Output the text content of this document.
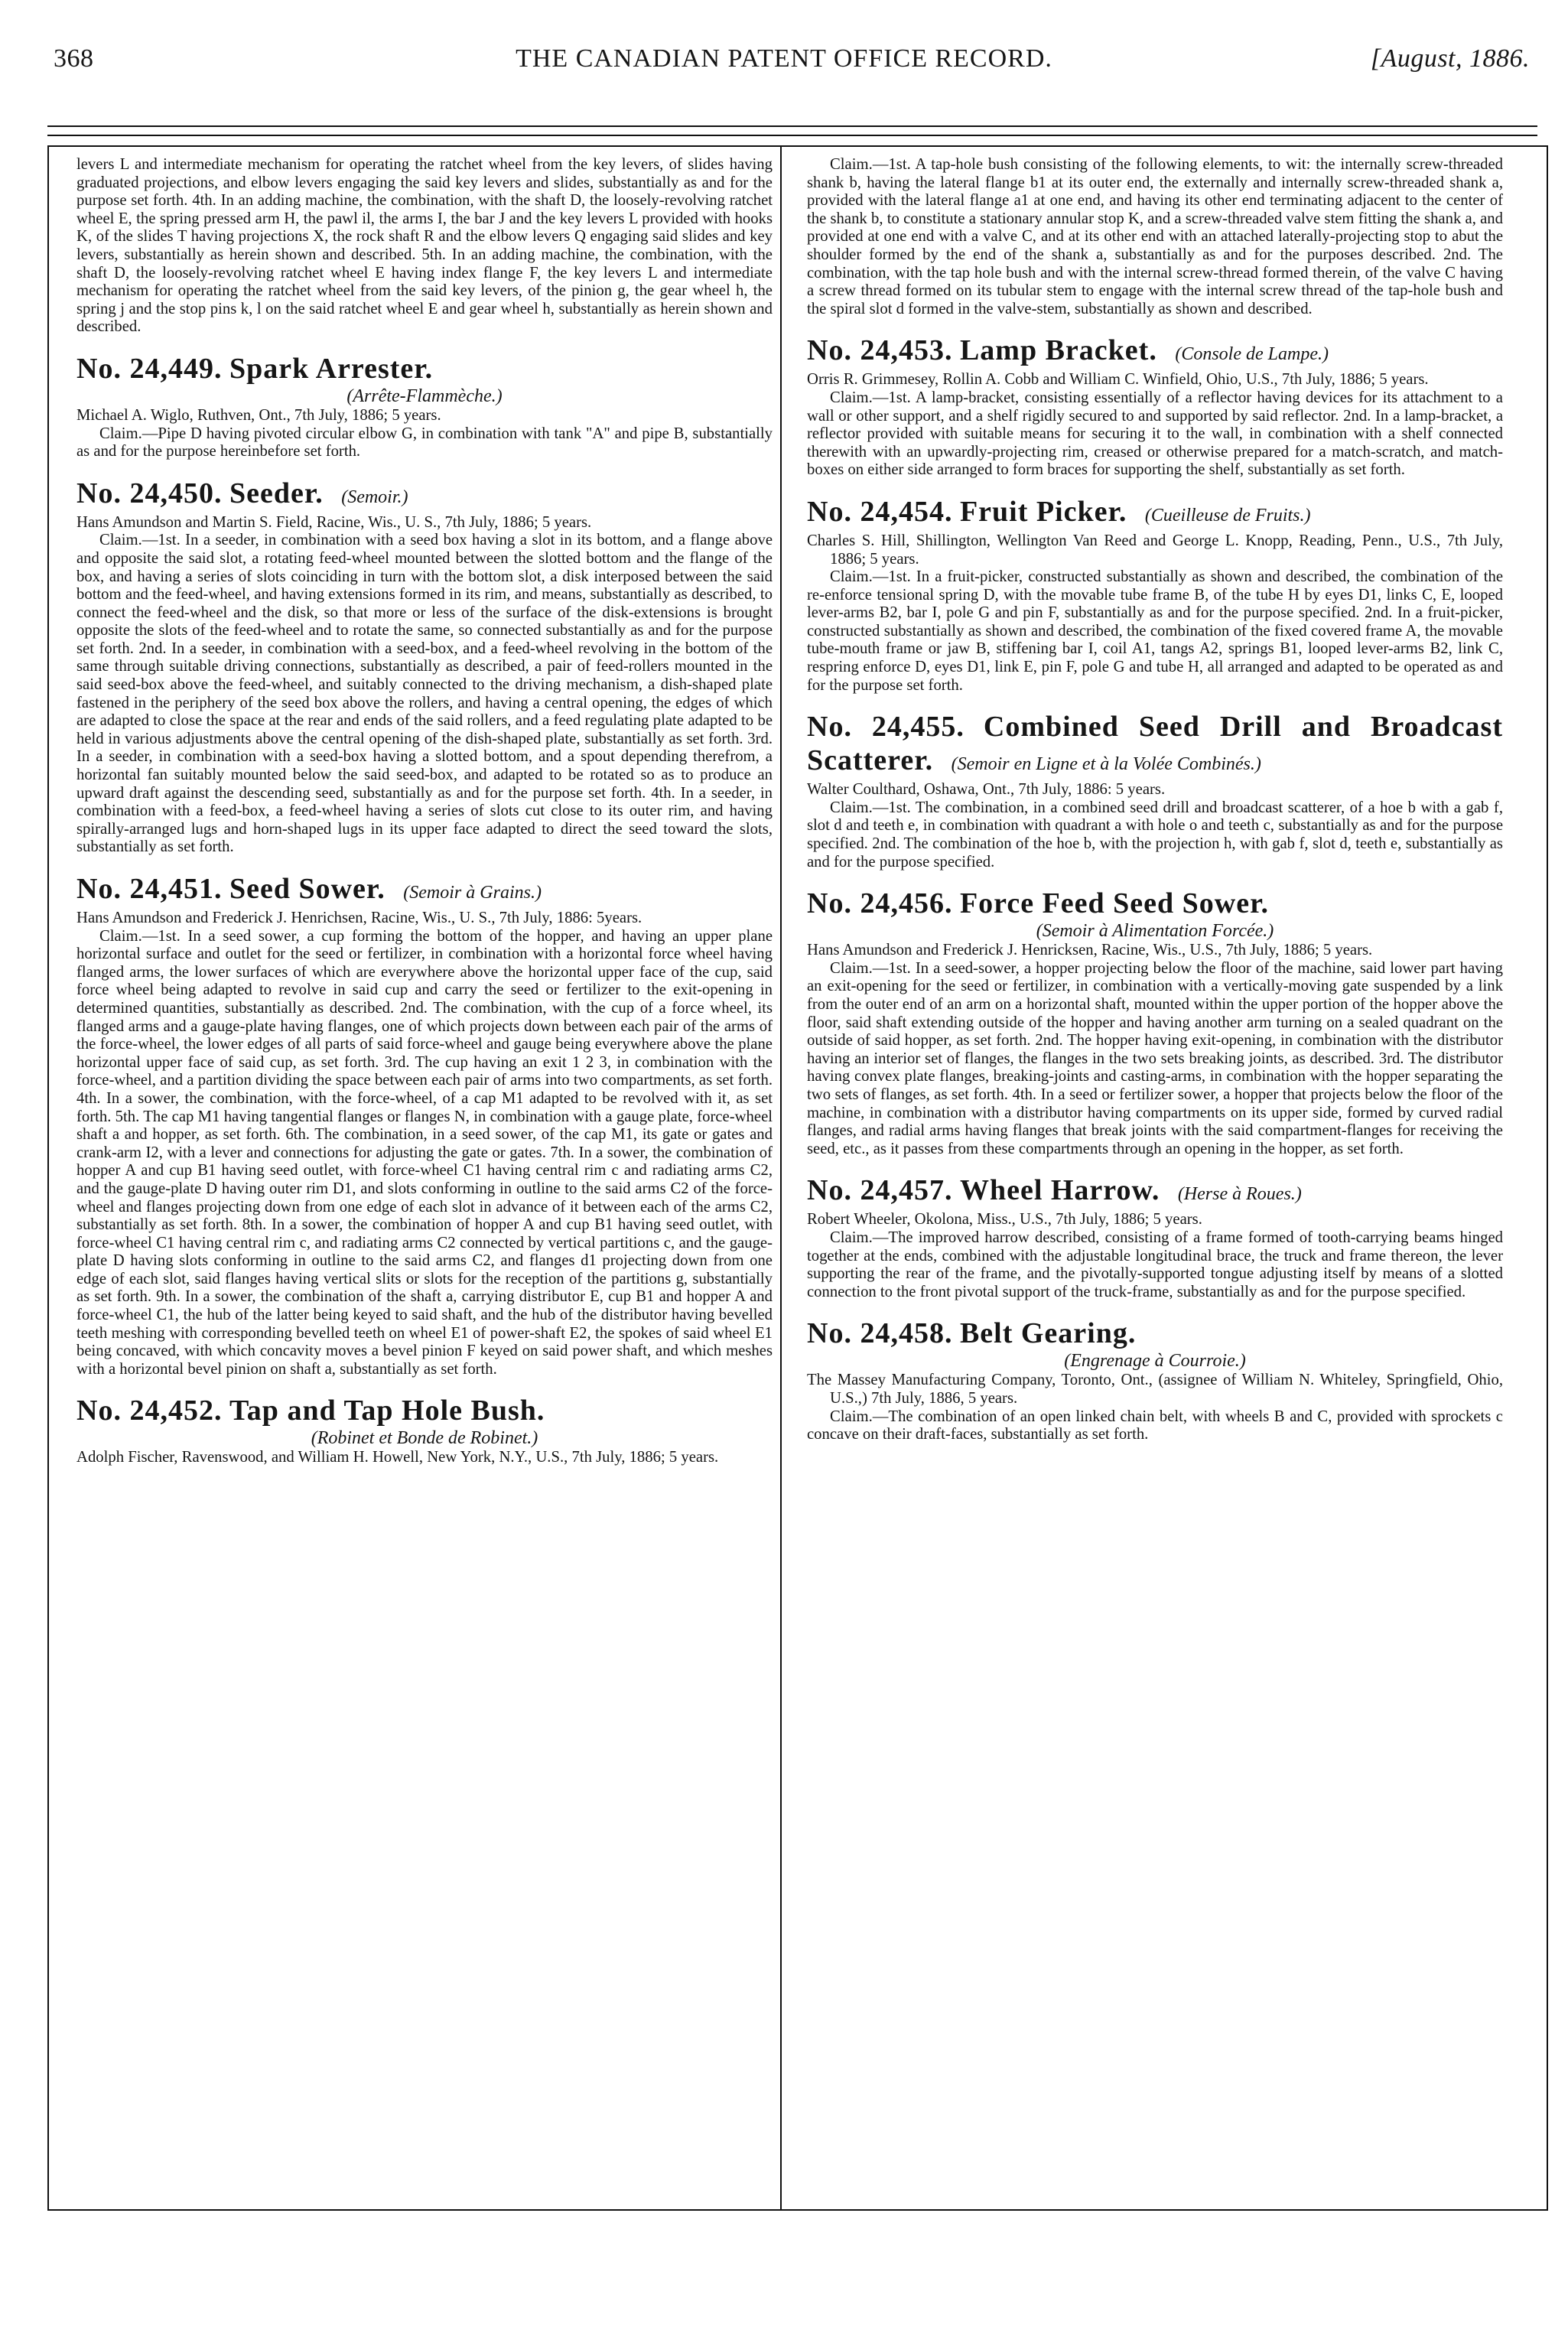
368	THE CANADIAN PATENT OFFICE RECORD.	[August, 1886.

levers L and intermediate mechanism for operating the ratchet wheel from the key levers, of slides having graduated projections, and elbow levers engaging the said key levers and slides, substantially as and for the purpose set forth. 4th. In an adding machine, the combination, with the shaft D, the loosely-revolving ratchet wheel E, the spring pressed arm H, the pawl il, the arms I, the bar J and the key levers L provided with hooks K, of the slides T having projections X, the rock shaft R and the elbow levers Q engaging said slides and key levers, substantially as herein shown and described. 5th. In an adding machine, the combination, with the shaft D, the loosely-revolving ratchet wheel E having index flange F, the key levers L and intermediate mechanism for operating the ratchet wheel from the said key levers, of the pinion g, the gear wheel h, the spring j and the stop pins k, l on the said ratchet wheel E and gear wheel h, substantially as herein shown and described.

No. 24,449. Spark Arrester.
(Arrête-Flammèche.)

Michael A. Wiglo, Ruthven, Ont., 7th July, 1886; 5 years.

Claim.—Pipe D having pivoted circular elbow G, in combination with tank "A" and pipe B, substantially as and for the purpose hereinbefore set forth.

No. 24,450. Seeder. (Semoir.)

Hans Amundson and Martin S. Field, Racine, Wis., U. S., 7th July, 1886; 5 years.

Claim.—1st. In a seeder, in combination with a seed box having a slot in its bottom, and a flange above and opposite the said slot, a rotating feed-wheel mounted between the slotted bottom and the flange of the box, and having a series of slots coinciding in turn with the bottom slot, a disk interposed between the said bottom and the feed-wheel, and having extensions formed in its rim, and means, substantially as described, to connect the feed-wheel and the disk, so that more or less of the surface of the disk-extensions is brought opposite the slots of the feed-wheel and to rotate the same, so connected substantially as and for the purpose set forth. 2nd. In a seeder, in combination with a seed-box, and a feed-wheel revolving in the bottom of the same through suitable driving connections, substantially as described, a pair of feed-rollers mounted in the said seed-box above the feed-wheel, and suitably connected to the driving mechanism, a dish-shaped plate fastened in the periphery of the seed box above the rollers, and having a central opening, the edges of which are adapted to close the space at the rear and ends of the said rollers, and a feed regulating plate adapted to be held in various adjustments above the central opening of the dish-shaped plate, substantially as set forth. 3rd. In a seeder, in combination with a seed-box having a slotted bottom, and a spout depending therefrom, a horizontal fan suitably mounted below the said seed-box, and adapted to be rotated so as to produce an upward draft against the descending seed, substantially as and for the purpose set forth. 4th. In a seeder, in combination with a feed-box, a feed-wheel having a series of slots cut close to its outer rim, and having spirally-arranged lugs and horn-shaped lugs in its upper face adapted to direct the seed toward the slots, substantially as set forth.

No. 24,451. Seed Sower. (Semoir à Grains.)

Hans Amundson and Frederick J. Henrichsen, Racine, Wis., U. S., 7th July, 1886: 5years.

Claim.—1st. In a seed sower, a cup forming the bottom of the hopper, and having an upper plane horizontal surface and outlet for the seed or fertilizer, in combination with a horizontal force wheel having flanged arms, the lower surfaces of which are everywhere above the horizontal upper face of the cup, said force wheel being adapted to revolve in said cup and carry the seed or fertilizer to the exit-opening in determined quantities, substantially as described. 2nd. The combination, with the cup of a force wheel, its flanged arms and a gauge-plate having flanges, one of which projects down between each pair of the arms of the force-wheel, the lower edges of all parts of said force-wheel and gauge being everywhere above the plane horizontal upper face of said cup, as set forth. 3rd. The cup having an exit 1 2 3, in combination with the force-wheel, and a partition dividing the space between each pair of arms into two compartments, as set forth. 4th. In a sower, the combination, with the force-wheel, of a cap M1 adapted to be revolved with it, as set forth. 5th. The cap M1 having tangential flanges or flanges N, in combination with a gauge plate, force-wheel shaft a and hopper, as set forth. 6th. The combination, in a seed sower, of the cap M1, its gate or gates and crank-arm I2, with a lever and connections for adjusting the gate or gates. 7th. In a sower, the combination of hopper A and cup B1 having seed outlet, with force-wheel C1 having central rim c and radiating arms C2, and the gauge-plate D having outer rim D1, and slots conforming in outline to the said arms C2 of the force-wheel and flanges projecting down from one edge of each slot in advance of it between each of the arms C2, substantially as set forth. 8th. In a sower, the combination of hopper A and cup B1 having seed outlet, with force-wheel C1 having central rim c, and radiating arms C2 connected by vertical partitions c, and the gauge-plate D having slots conforming in outline to the said arms C2, and flanges d1 projecting down from one edge of each slot, said flanges having vertical slits or slots for the reception of the partitions g, substantially as set forth. 9th. In a sower, the combination of the shaft a, carrying distributor E, cup B1 and hopper A and force-wheel C1, the hub of the latter being keyed to said shaft, and the hub of the distributor having bevelled teeth meshing with corresponding bevelled teeth on wheel E1 of power-shaft E2, the spokes of said wheel E1 being concaved, with which concavity moves a bevel pinion F keyed on said power shaft, and which meshes with a horizontal bevel pinion on shaft a, substantially as set forth.

No. 24,452. Tap and Tap Hole Bush.
(Robinet et Bonde de Robinet.)

Adolph Fischer, Ravenswood, and William H. Howell, New York, N.Y., U.S., 7th July, 1886; 5 years.

Claim.—1st. A tap-hole bush consisting of the following elements, to wit: the internally screw-threaded shank b, having the lateral flange b1 at its outer end, the externally and internally screw-threaded shank a, provided with the lateral flange a1 at one end, and having its other end terminating adjacent to the center of the shank b, to constitute a stationary annular stop K, and a screw-threaded valve stem fitting the shank a, and provided at one end with a valve C, and at its other end with an attached laterally-projecting stop to abut the shoulder formed by the end of the shank a, substantially as and for the purposes described. 2nd. The combination, with the tap hole bush and with the internal screw-thread formed therein, of the valve C having a screw thread formed on its tubular stem to engage with the internal screw thread of the tap-hole bush and the spiral slot d formed in the valve-stem, substantially as shown and described.

No. 24,453. Lamp Bracket. (Console de Lampe.)

Orris R. Grimmesey, Rollin A. Cobb and William C. Winfield, Ohio, U.S., 7th July, 1886; 5 years.

Claim.—1st. A lamp-bracket, consisting essentially of a reflector having devices for its attachment to a wall or other support, and a shelf rigidly secured to and supported by said reflector. 2nd. In a lamp-bracket, a reflector provided with suitable means for securing it to the wall, in combination with a shelf connected therewith with an upwardly-projecting rim, creased or otherwise prepared for a match-scratch, and match-boxes on either side arranged to form braces for supporting the shelf, substantially as set forth.

No. 24,454. Fruit Picker. (Cueilleuse de Fruits.)

Charles S. Hill, Shillington, Wellington Van Reed and George L. Knopp, Reading, Penn., U.S., 7th July, 1886; 5 years.

Claim.—1st. In a fruit-picker, constructed substantially as shown and described, the combination of the re-enforce tensional spring D, with the movable tube frame B, of the tube H by eyes D1, links C, E, looped lever-arms B2, bar I, pole G and pin F, substantially as and for the purpose specified. 2nd. In a fruit-picker, constructed substantially as shown and described, the combination of the fixed covered frame A, the movable tube-mouth frame or jaw B, stiffening bar I, coil A1, tangs A2, springs B1, looped lever-arms B2, link C, respring enforce D, eyes D1, link E, pin F, pole G and tube H, all arranged and adapted to be operated as and for the purpose set forth.

No. 24,455. Combined Seed Drill and Broadcast Scatterer. (Semoir en Ligne et à la Volée Combinés.)

Walter Coulthard, Oshawa, Ont., 7th July, 1886: 5 years.

Claim.—1st. The combination, in a combined seed drill and broadcast scatterer, of a hoe b with a gab f, slot d and teeth e, in combination with quadrant a with hole o and teeth c, substantially as and for the purpose specified. 2nd. The combination of the hoe b, with the projection h, with gab f, slot d, teeth e, substantially as and for the purpose specified.

No. 24,456. Force Feed Seed Sower.
(Semoir à Alimentation Forcée.)

Hans Amundson and Frederick J. Henricksen, Racine, Wis., U.S., 7th July, 1886; 5 years.

Claim.—1st. In a seed-sower, a hopper projecting below the floor of the machine, said lower part having an exit-opening for the seed or fertilizer, in combination with a vertically-moving gate suspended by a link from the outer end of an arm on a horizontal shaft, mounted within the upper portion of the hopper above the floor, said shaft extending outside of the hopper and having another arm turning on a sealed quadrant on the outside of said hopper, as set forth. 2nd. The hopper having exit-opening, in combination with the distributor having an interior set of flanges, the flanges in the two sets breaking joints, as described. 3rd. The distributor having convex plate flanges, breaking-joints and casting-arms, in combination with the hopper separating the two sets of flanges, as set forth. 4th. In a seed or fertilizer sower, a hopper that projects below the floor of the machine, in combination with a distributor having compartments on its upper side, formed by curved radial flanges, and radial arms having flanges that break joints with the said compartment-flanges for receiving the seed, etc., as it passes from these compartments through an opening in the hopper, as set forth.

No. 24,457. Wheel Harrow. (Herse à Roues.)

Robert Wheeler, Okolona, Miss., U.S., 7th July, 1886; 5 years.

Claim.—The improved harrow described, consisting of a frame formed of tooth-carrying beams hinged together at the ends, combined with the adjustable longitudinal brace, the truck and frame thereon, the lever supporting the rear of the frame, and the pivotally-supported tongue adjusting itself by means of a slotted connection to the front pivotal support of the truck-frame, substantially as and for the purpose specified.

No. 24,458. Belt Gearing.
(Engrenage à Courroie.)

The Massey Manufacturing Company, Toronto, Ont., (assignee of William N. Whiteley, Springfield, Ohio, U.S.,) 7th July, 1886, 5 years.

Claim.—The combination of an open linked chain belt, with wheels B and C, provided with sprockets c concave on their draft-faces, substantially as set forth.
